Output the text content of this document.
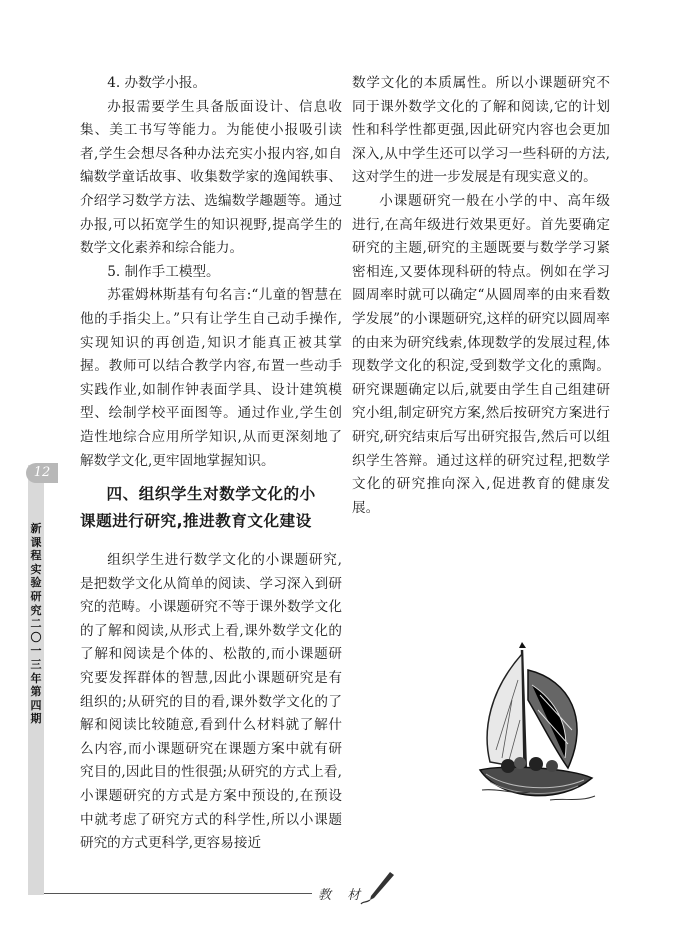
4. 办数学小报。

办报需要学生具备版面设计、信息收集、美工书写等能力。为能使小报吸引读者,学生会想尽各种办法充实小报内容,如自编数学童话故事、收集数学家的逸闻轶事、介绍学习数学方法、选编数学趣题等。通过办报,可以拓宽学生的知识视野,提高学生的数学文化素养和综合能力。

5. 制作手工模型。

苏霍姆林斯基有句名言:“儿童的智慧在他的手指尖上。”只有让学生自己动手操作,实现知识的再创造,知识才能真正被其掌握。教师可以结合教学内容,布置一些动手实践作业,如制作钟表面学具、设计建筑模型、绘制学校平面图等。通过作业,学生创造性地综合应用所学知识,从而更深刻地了解数学文化,更牢固地掌握知识。

四、组织学生对数学文化的小
课题进行研究,推进教育文化建设

组织学生进行数学文化的小课题研究,是把数学文化从简单的阅读、学习深入到研究的范畴。小课题研究不等于课外数学文化的了解和阅读,从形式上看,课外数学文化的了解和阅读是个体的、松散的,而小课题研究要发挥群体的智慧,因此小课题研究是有组织的;从研究的目的看,课外数学文化的了解和阅读比较随意,看到什么材料就了解什么内容,而小课题研究在课题方案中就有研究目的,因此目的性很强;从研究的方式上看,小课题研究的方式是方案中预设的,在预设中就考虑了研究方式的科学性,所以小课题研究的方式更科学,更容易接近

数学文化的本质属性。所以小课题研究不同于课外数学文化的了解和阅读,它的计划性和科学性都更强,因此研究内容也会更加深入,从中学生还可以学习一些科研的方法,这对学生的进一步发展是有现实意义的。

小课题研究一般在小学的中、高年级进行,在高年级进行效果更好。首先要确定研究的主题,研究的主题既要与数学学习紧密相连,又要体现科研的特点。例如在学习圆周率时就可以确定“从圆周率的由来看数学发展”的小课题研究,这样的研究以圆周率的由来为研究线索,体现数学的发展过程,体现数学文化的积淀,受到数学文化的熏陶。研究课题确定以后,就要由学生自己组建研究小组,制定研究方案,然后按研究方案进行研究,研究结束后写出研究报告,然后可以组织学生答辩。通过这样的研究过程,把数学文化的研究推向深入,促进教育的健康发展。

12
新课程实验研究 二〇一三年 第四期
教 材
